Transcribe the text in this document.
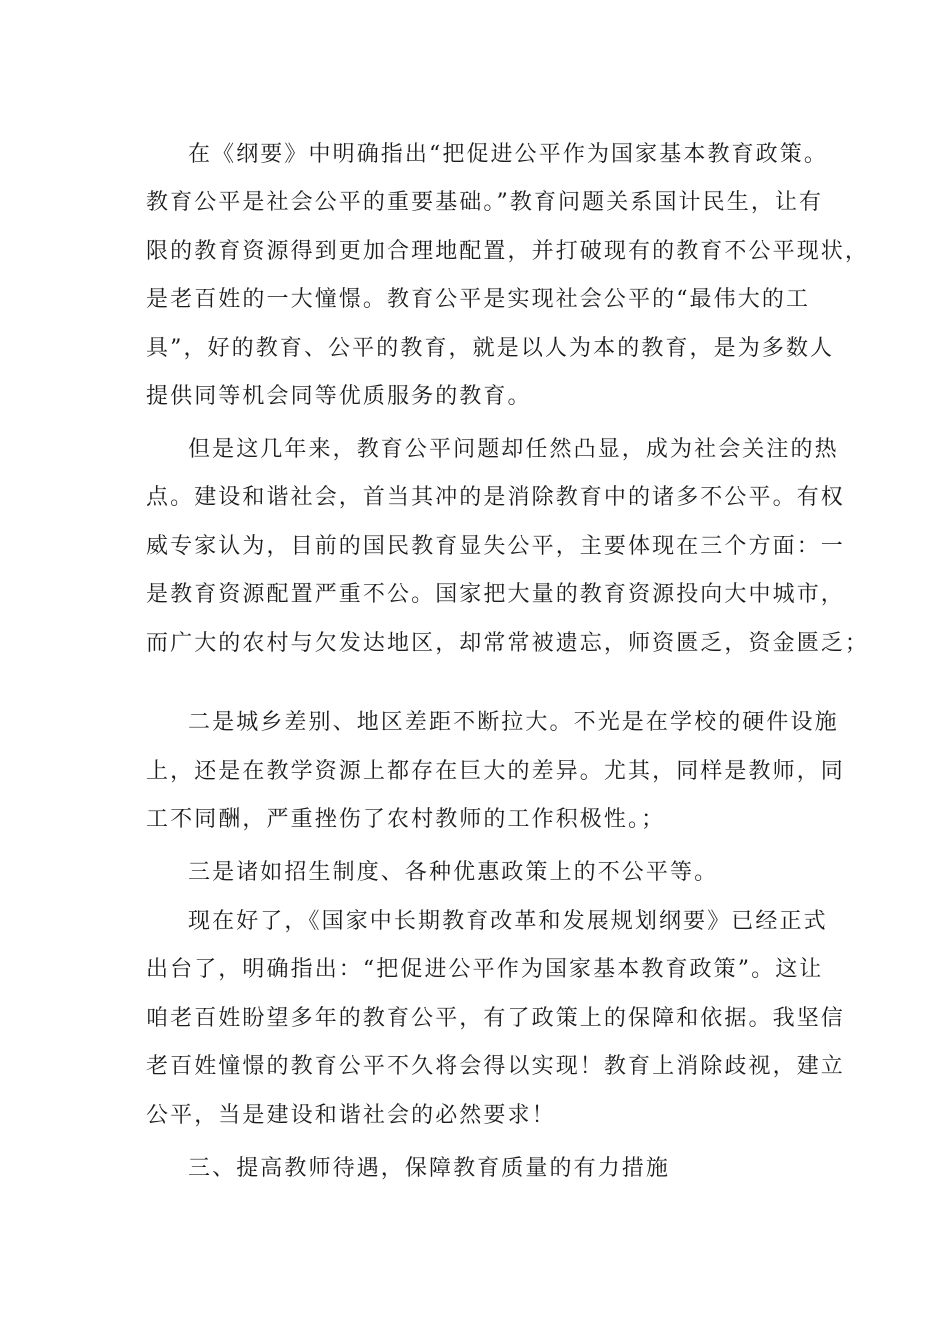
在《纲要》中明确指出“把促进公平作为国家基本教育政策。
教育公平是社会公平的重要基础。”教育问题关系国计民生，让有
限的教育资源得到更加合理地配置，并打破现有的教育不公平现状，
是老百姓的一大憧憬。教育公平是实现社会公平的“最伟大的工
具”，好的教育、公平的教育，就是以人为本的教育，是为多数人
提供同等机会同等优质服务的教育。
但是这几年来，教育公平问题却任然凸显，成为社会关注的热
点。建设和谐社会，首当其冲的是消除教育中的诸多不公平。有权
威专家认为，目前的国民教育显失公平，主要体现在三个方面：一
是教育资源配置严重不公。国家把大量的教育资源投向大中城市，
而广大的农村与欠发达地区，却常常被遗忘，师资匮乏，资金匮乏；
二是城乡差别、地区差距不断拉大。不光是在学校的硬件设施
上，还是在教学资源上都存在巨大的差异。尤其，同样是教师，同
工不同酬，严重挫伤了农村教师的工作积极性。；
三是诸如招生制度、各种优惠政策上的不公平等。
现在好了，《国家中长期教育改革和发展规划纲要》已经正式
出台了，明确指出：“把促进公平作为国家基本教育政策”。这让
咱老百姓盼望多年的教育公平，有了政策上的保障和依据。我坚信
老百姓憧憬的教育公平不久将会得以实现！教育上消除歧视，建立
公平，当是建设和谐社会的必然要求！
三、提高教师待遇，保障教育质量的有力措施
